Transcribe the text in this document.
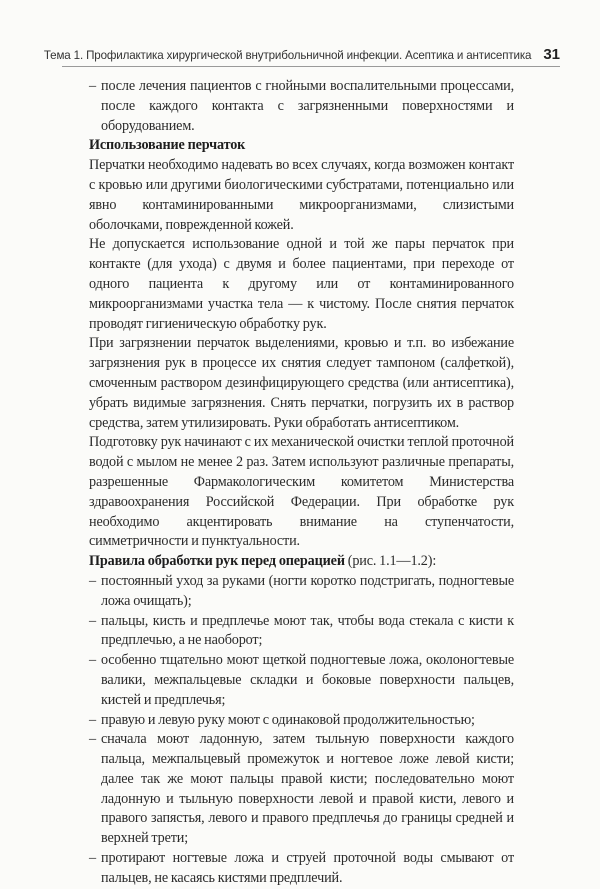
Тема 1. Профилактика хирургической внутрибольничной инфекции. Асептика и антисептика 31
– после лечения пациентов с гнойными воспалительными процессами, после каждого контакта с загрязненными поверхностями и оборудованием.
Использование перчаток
Перчатки необходимо надевать во всех случаях, когда возможен контакт с кровью или другими биологическими субстратами, потенциально или явно контаминированными микроорганизмами, слизистыми оболочками, поврежденной кожей.
Не допускается использование одной и той же пары перчаток при контакте (для ухода) с двумя и более пациентами, при переходе от одного пациента к другому или от контаминированного микроорганизмами участка тела — к чистому. После снятия перчаток проводят гигиеническую обработку рук.
При загрязнении перчаток выделениями, кровью и т.п. во избежание загрязнения рук в процессе их снятия следует тампоном (салфеткой), смоченным раствором дезинфицирующего средства (или антисептика), убрать видимые загрязнения. Снять перчатки, погрузить их в раствор средства, затем утилизировать. Руки обработать антисептиком.
Подготовку рук начинают с их механической очистки теплой проточной водой с мылом не менее 2 раз. Затем используют различные препараты, разрешенные Фармакологическим комитетом Министерства здравоохранения Российской Федерации. При обработке рук необходимо акцентировать внимание на ступенчатости, симметричности и пунктуальности.
Правила обработки рук перед операцией (рис. 1.1—1.2):
– постоянный уход за руками (ногти коротко подстригать, подногтевые ложа очищать);
– пальцы, кисть и предплечье моют так, чтобы вода стекала с кисти к предплечью, а не наоборот;
– особенно тщательно моют щеткой подногтевые ложа, околоногтевые валики, межпальцевые складки и боковые поверхности пальцев, кистей и предплечья;
– правую и левую руку моют с одинаковой продолжительностью;
– сначала моют ладонную, затем тыльную поверхности каждого пальца, межпальцевый промежуток и ногтевое ложе левой кисти; далее так же моют пальцы правой кисти; последовательно моют ладонную и тыльную поверхности левой и правой кисти, левого и правого запястья, левого и правого предплечья до границы средней и верхней трети;
– протирают ногтевые ложа и струей проточной воды смывают от пальцев, не касаясь кистями предплечий.
